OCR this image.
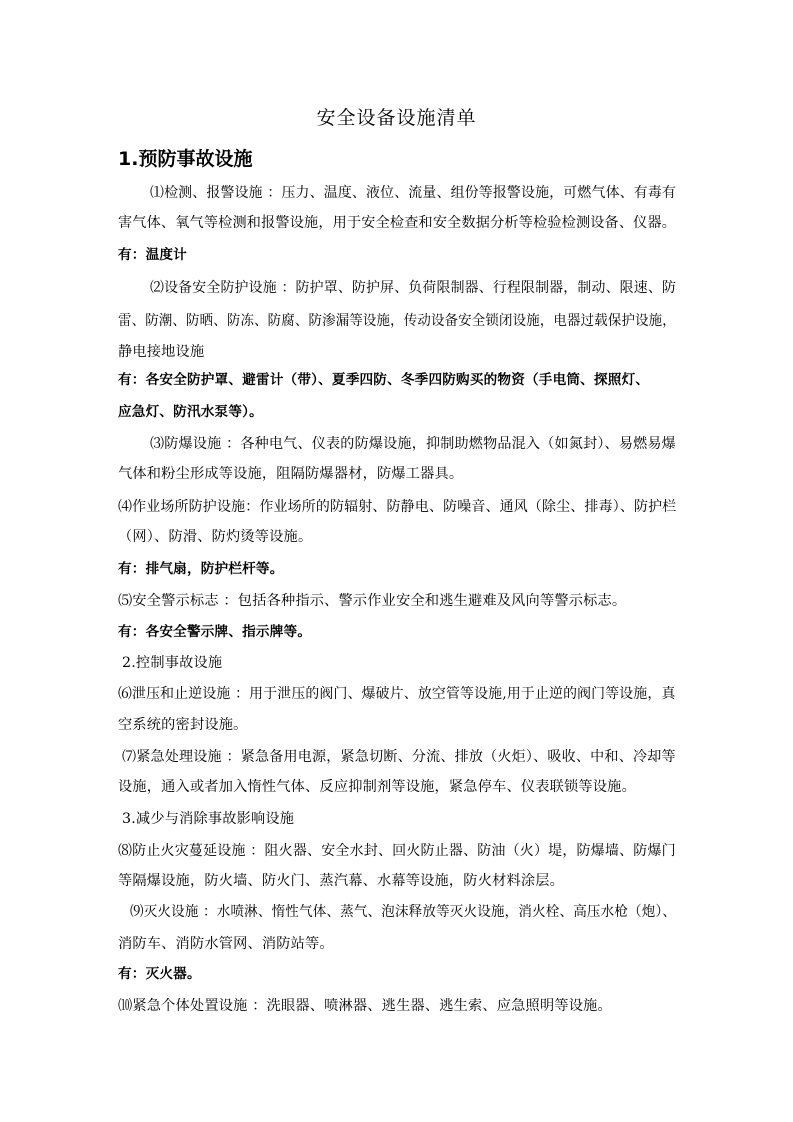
安全设备设施清单
1.预防事故设施
⑴检测、报警设施 ：压力、温度、液位、流量、组份等报警设施，可燃气体、有毒有
害气体、氧气等检测和报警设施，用于安全检查和安全数据分析等检验检测设备、仪器。
有：温度计
⑵设备安全防护设施 ：防护罩、防护屏、负荷限制器、行程限制器，制动、限速、防
雷、防潮、防晒、防冻、防腐、防渗漏等设施，传动设备安全锁闭设施，电器过载保护设施，
静电接地设施
有：各安全防护罩、避雷计（带）、夏季四防、冬季四防购买的物资（手电筒、探照灯、
应急灯、防汛水泵等）。
⑶防爆设施 ：各种电气、仪表的防爆设施，抑制助燃物品混入（如氮封）、易燃易爆
气体和粉尘形成等设施，阻隔防爆器材，防爆工器具。
⑷作业场所防护设施：作业场所的防辐射、防静电、防噪音、通风（除尘、排毒）、防护栏
（网）、防滑、防灼烫等设施。
有：排气扇，防护栏杆等。
⑸安全警示标志 ：包括各种指示、警示作业安全和逃生避难及风向等警示标志。
有：各安全警示牌、指示牌等。
2.控制事故设施
⑹泄压和止逆设施 ：用于泄压的阀门、爆破片、放空管等设施,用于止逆的阀门等设施，真
空系统的密封设施。
⑺紧急处理设施 ：紧急备用电源，紧急切断、分流、排放（火炬）、吸收、中和、冷却等
设施，通入或者加入惰性气体、反应抑制剂等设施，紧急停车、仪表联锁等设施。
3.减少与消除事故影响设施
⑻防止火灾蔓延设施 ：阻火器、安全水封、回火防止器、防油（火）堤，防爆墙、防爆门
等隔爆设施，防火墙、防火门、蒸汽幕、水幕等设施，防火材料涂层。
⑼灭火设施 ：水喷淋、惰性气体、蒸气、泡沫释放等灭火设施，消火栓、高压水枪（炮）、
消防车、消防水管网、消防站等。
有：灭火器。
⑽紧急个体处置设施 ：洗眼器、喷淋器、逃生器、逃生索、应急照明等设施。
